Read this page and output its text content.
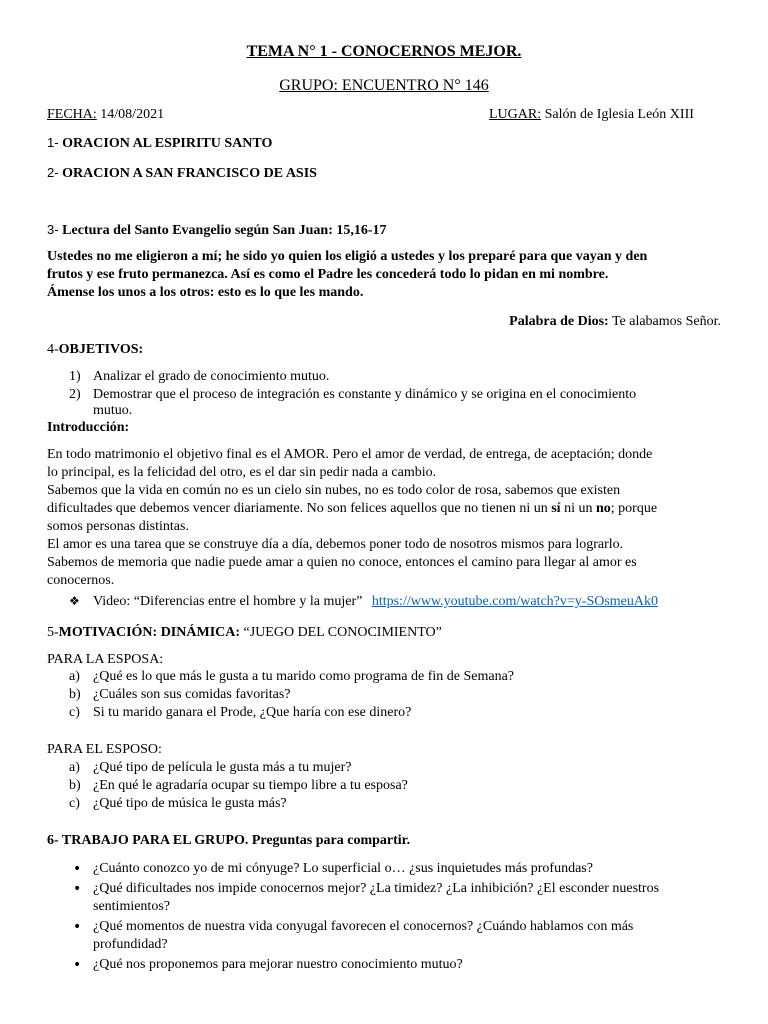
TEMA N° 1 - CONOCERNOS MEJOR.
GRUPO: ENCUENTRO N° 146
FECHA: 14/08/2021	LUGAR: Salón de Iglesia León XIII
1- ORACION AL ESPIRITU SANTO
2- ORACION A SAN FRANCISCO DE ASIS
3- Lectura del Santo Evangelio según San Juan: 15,16-17
Ustedes no me eligieron a mí; he sido yo quien los eligió a ustedes y los preparé para que vayan y den
frutos y ese fruto permanezca. Así es como el Padre les concederá todo lo pidan en mi nombre.
Ámense los unos a los otros: esto es lo que les mando.
Palabra de Dios: Te alabamos Señor.
4-OBJETIVOS:
1) Analizar el grado de conocimiento mutuo.
2) Demostrar que el proceso de integración es constante y dinámico y se origina en el conocimiento
mutuo.
Introducción:
En todo matrimonio el objetivo final es el AMOR. Pero el amor de verdad, de entrega, de aceptación; donde
lo principal, es la felicidad del otro, es el dar sin pedir nada a cambio.
Sabemos que la vida en común no es un cielo sin nubes, no es todo color de rosa, sabemos que existen
dificultades que debemos vencer diariamente. No son felices aquellos que no tienen ni un sí ni un no; porque
somos personas distintas.
El amor es una tarea que se construye día a día, debemos poner todo de nosotros mismos para lograrlo.
Sabemos de memoria que nadie puede amar a quien no conoce, entonces el camino para llegar al amor es
conocernos.
❖ Video: “Diferencias entre el hombre y la mujer” https://www.youtube.com/watch?v=y-SOsmeuAk0
5-MOTIVACIÓN: DINÁMICA: “JUEGO DEL CONOCIMIENTO”
PARA LA ESPOSA:
a) ¿Qué es lo que más le gusta a tu marido como programa de fin de Semana?
b) ¿Cuáles son sus comidas favoritas?
c) Si tu marido ganara el Prode, ¿Que haría con ese dinero?
PARA EL ESPOSO:
a) ¿Qué tipo de película le gusta más a tu mujer?
b) ¿En qué le agradaría ocupar su tiempo libre a tu esposa?
c) ¿Qué tipo de música le gusta más?
6- TRABAJO PARA EL GRUPO. Preguntas para compartir.
• ¿Cuánto conozco yo de mi cónyuge? Lo superficial o… ¿sus inquietudes más profundas?
• ¿Qué dificultades nos impide conocernos mejor? ¿La timidez? ¿La inhibición? ¿El esconder nuestros
sentimientos?
• ¿Qué momentos de nuestra vida conyugal favorecen el conocernos? ¿Cuándo hablamos con más
profundidad?
• ¿Qué nos proponemos para mejorar nuestro conocimiento mutuo?
